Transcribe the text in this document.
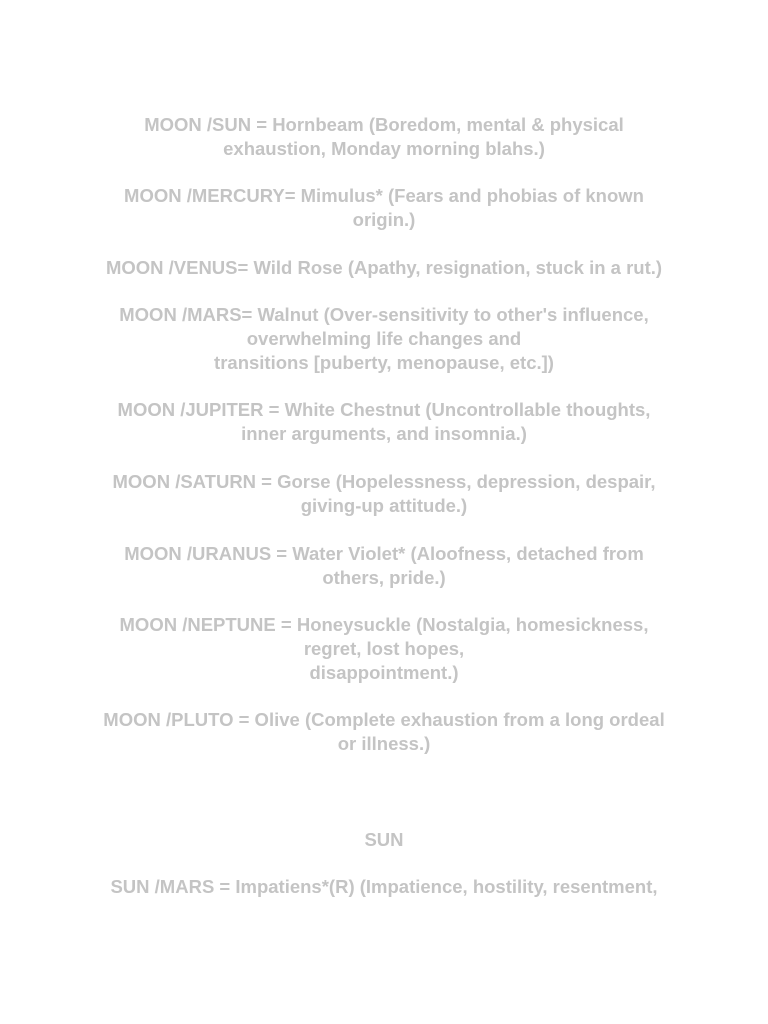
MOON /SUN = Hornbeam (Boredom, mental & physical
exhaustion, Monday morning blahs.)
MOON /MERCURY= Mimulus* (Fears and phobias of known
origin.)
MOON /VENUS= Wild Rose (Apathy, resignation, stuck in a rut.)
MOON /MARS= Walnut (Over-sensitivity to other's influence,
overwhelming life changes and
transitions [puberty, menopause, etc.])
MOON /JUPITER = White Chestnut (Uncontrollable thoughts,
inner arguments, and insomnia.)
MOON /SATURN = Gorse (Hopelessness, depression, despair,
giving-up attitude.)
MOON /URANUS = Water Violet* (Aloofness, detached from
others, pride.)
MOON /NEPTUNE = Honeysuckle (Nostalgia, homesickness,
regret, lost hopes,
disappointment.)
MOON /PLUTO = Olive (Complete exhaustion from a long ordeal
or illness.)
SUN
SUN /MARS = Impatiens*(R) (Impatience, hostility, resentment,
